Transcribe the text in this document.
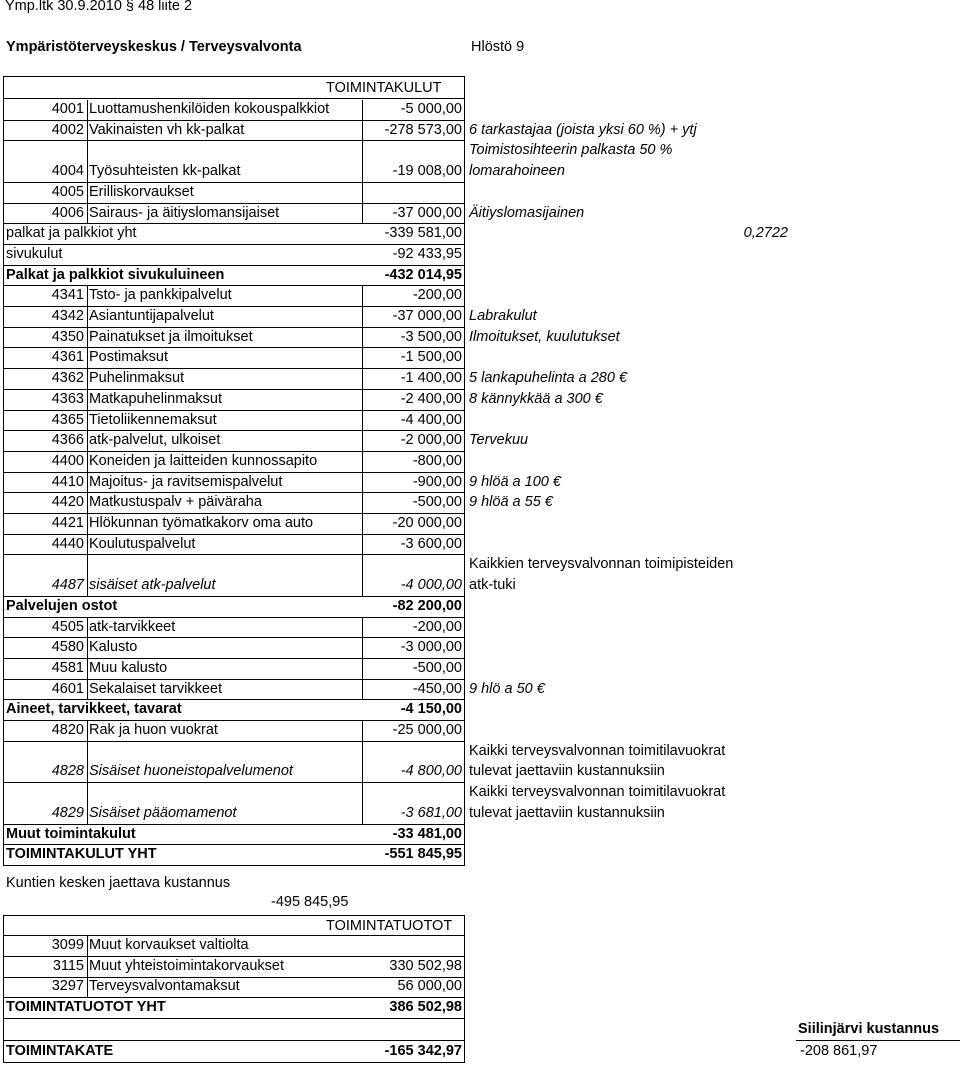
Ymp.ltk 30.9.2010 § 48 liite 2
Ympäristöterveyskeskus / Terveysvalvonta	Hlöstö 9
TOIMINTAKULUT
4001 Luottamushenkilöiden kokouspalkkiot	-5 000,00
4002 Vakinaisten vh kk-palkat	-278 573,00 6 tarkastajaa (joista yksi 60 %) + ytj
4004 Työsuhteisten kk-palkat	-19 008,00
Toimistosihteerin palkasta 50 %
lomarahoineen
4005 Erilliskorvaukset
4006 Sairaus- ja äitiyslomansijaiset	-37 000,00 Äitiyslomasijainen
palkat ja palkkiot yht	-339 581,00	0,2722
sivukulut	-92 433,95
Palkat ja palkkiot sivukuluineen	-432 014,95
4341 Tsto- ja pankkipalvelut	-200,00
4342 Asiantuntijapalvelut	-37 000,00 Labrakulut
4350 Painatukset ja ilmoitukset	-3 500,00 Ilmoitukset, kuulutukset
4361 Postimaksut	-1 500,00
4362 Puhelinmaksut	-1 400,00 5 lankapuhelinta a 280 €
4363 Matkapuhelinmaksut	-2 400,00 8 kännykkää a 300 €
4365 Tietoliikennemaksut	-4 400,00
4366 atk-palvelut, ulkoiset	-2 000,00 Tervekuu
4400 Koneiden ja laitteiden kunnossapito	-800,00
4410 Majoitus- ja ravitsemispalvelut	-900,00 9 hlöä a 100 €
4420 Matkustuspalv + päiväraha	-500,00 9 hlöä a 55 €
4421 Hlökunnan työmatkakorv oma auto	-20 000,00
4440 Koulutuspalvelut	-3 600,00
4487 sisäiset atk-palvelut	-4 000,00
Kaikkien terveysvalvonnan toimipisteiden
atk-tuki
Palvelujen ostot	-82 200,00
4505 atk-tarvikkeet	-200,00
4580 Kalusto	-3 000,00
4581 Muu kalusto	-500,00
4601 Sekalaiset tarvikkeet	-450,00 9 hlö a 50 €
Aineet, tarvikkeet, tavarat	-4 150,00
4820 Rak ja huon vuokrat	-25 000,00
4828 Sisäiset huoneistopalvelumenot	-4 800,00
Kaikki terveysvalvonnan toimitilavuokrat
tulevat jaettaviin kustannuksiin
4829 Sisäiset pääomamenot	-3 681,00
Kaikki terveysvalvonnan toimitilavuokrat
tulevat jaettaviin kustannuksiin
Muut toimintakulut	-33 481,00
TOIMINTAKULUT YHT	-551 845,95
Kuntien kesken jaettava kustannus
-495 845,95
TOIMINTATUOTOT
3099 Muut korvaukset valtiolta
3115 Muut yhteistoimintakorvaukset	330 502,98
3297 Terveysvalvontamaksut	56 000,00
TOIMINTATUOTOT YHT	386 502,98
TOIMINTAKATE	-165 342,97
Siilinjärvi kustannus
-208 861,97
